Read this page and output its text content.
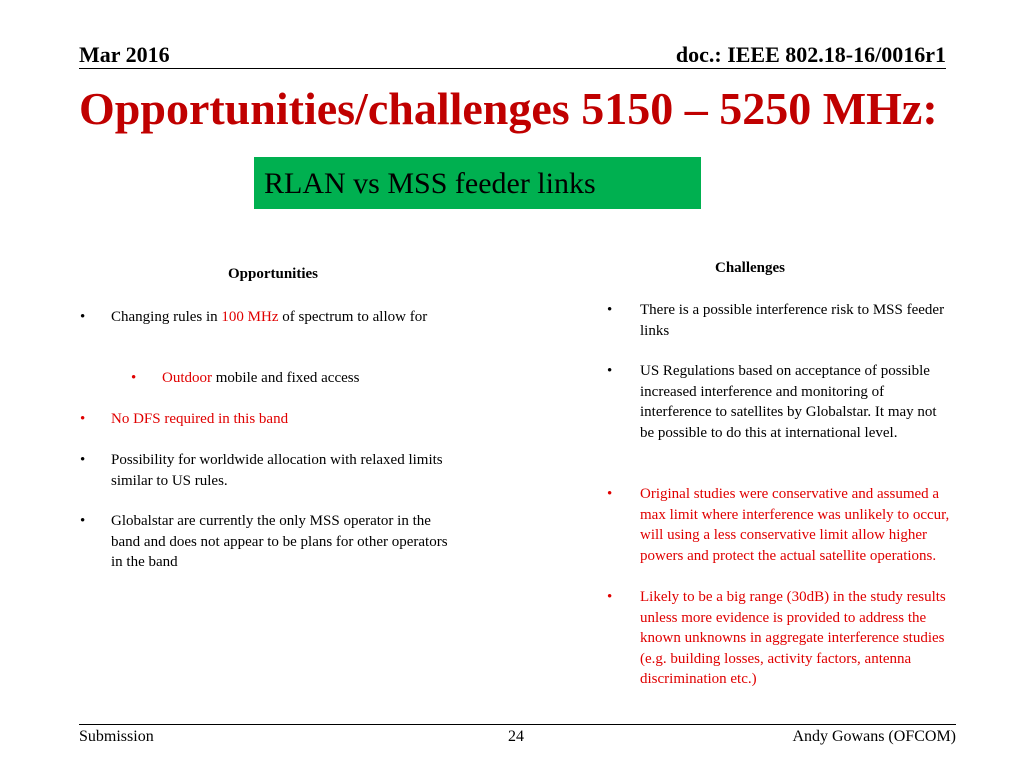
Mar 2016	doc.: IEEE 802.18-16/0016r1
Opportunities/challenges 5150 – 5250 MHz:
RLAN vs MSS feeder links
Opportunities
• Changing rules in 100 MHz of spectrum to allow for
• Outdoor mobile and fixed access
• No DFS required in this band
• Possibility for worldwide allocation with relaxed limits similar to US rules.
• Globalstar are currently the only MSS operator in the band and does not appear to be plans for other operators in the band
Challenges
• There is a possible interference risk to MSS feeder links
• US Regulations based on acceptance of possible increased interference and monitoring of interference to satellites by Globalstar. It may not be possible to do this at international level.
• Original studies were conservative and assumed a max limit where interference was unlikely to occur, will using a less conservative limit allow higher powers and protect the actual satellite operations.
• Likely to be a big range (30dB) in the study results unless more evidence is provided to address the known unknowns in aggregate interference studies (e.g. building losses, activity factors, antenna discrimination etc.)
Submission	24	Andy Gowans (OFCOM)
